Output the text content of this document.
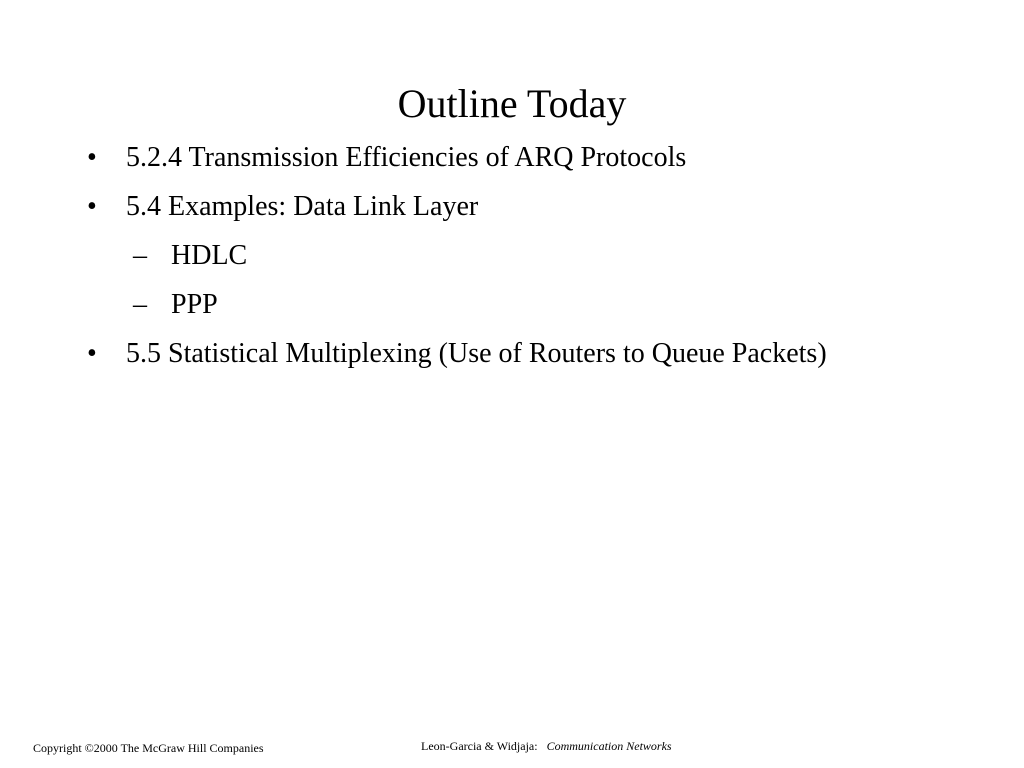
Outline Today
• 5.2.4 Transmission Efficiencies of ARQ Protocols
• 5.4 Examples: Data Link Layer
– HDLC
– PPP
• 5.5 Statistical Multiplexing (Use of Routers to Queue Packets)
Copyright ©2000 The McGraw Hill Companies	Leon-Garcia & Widjaja: Communication Networks
